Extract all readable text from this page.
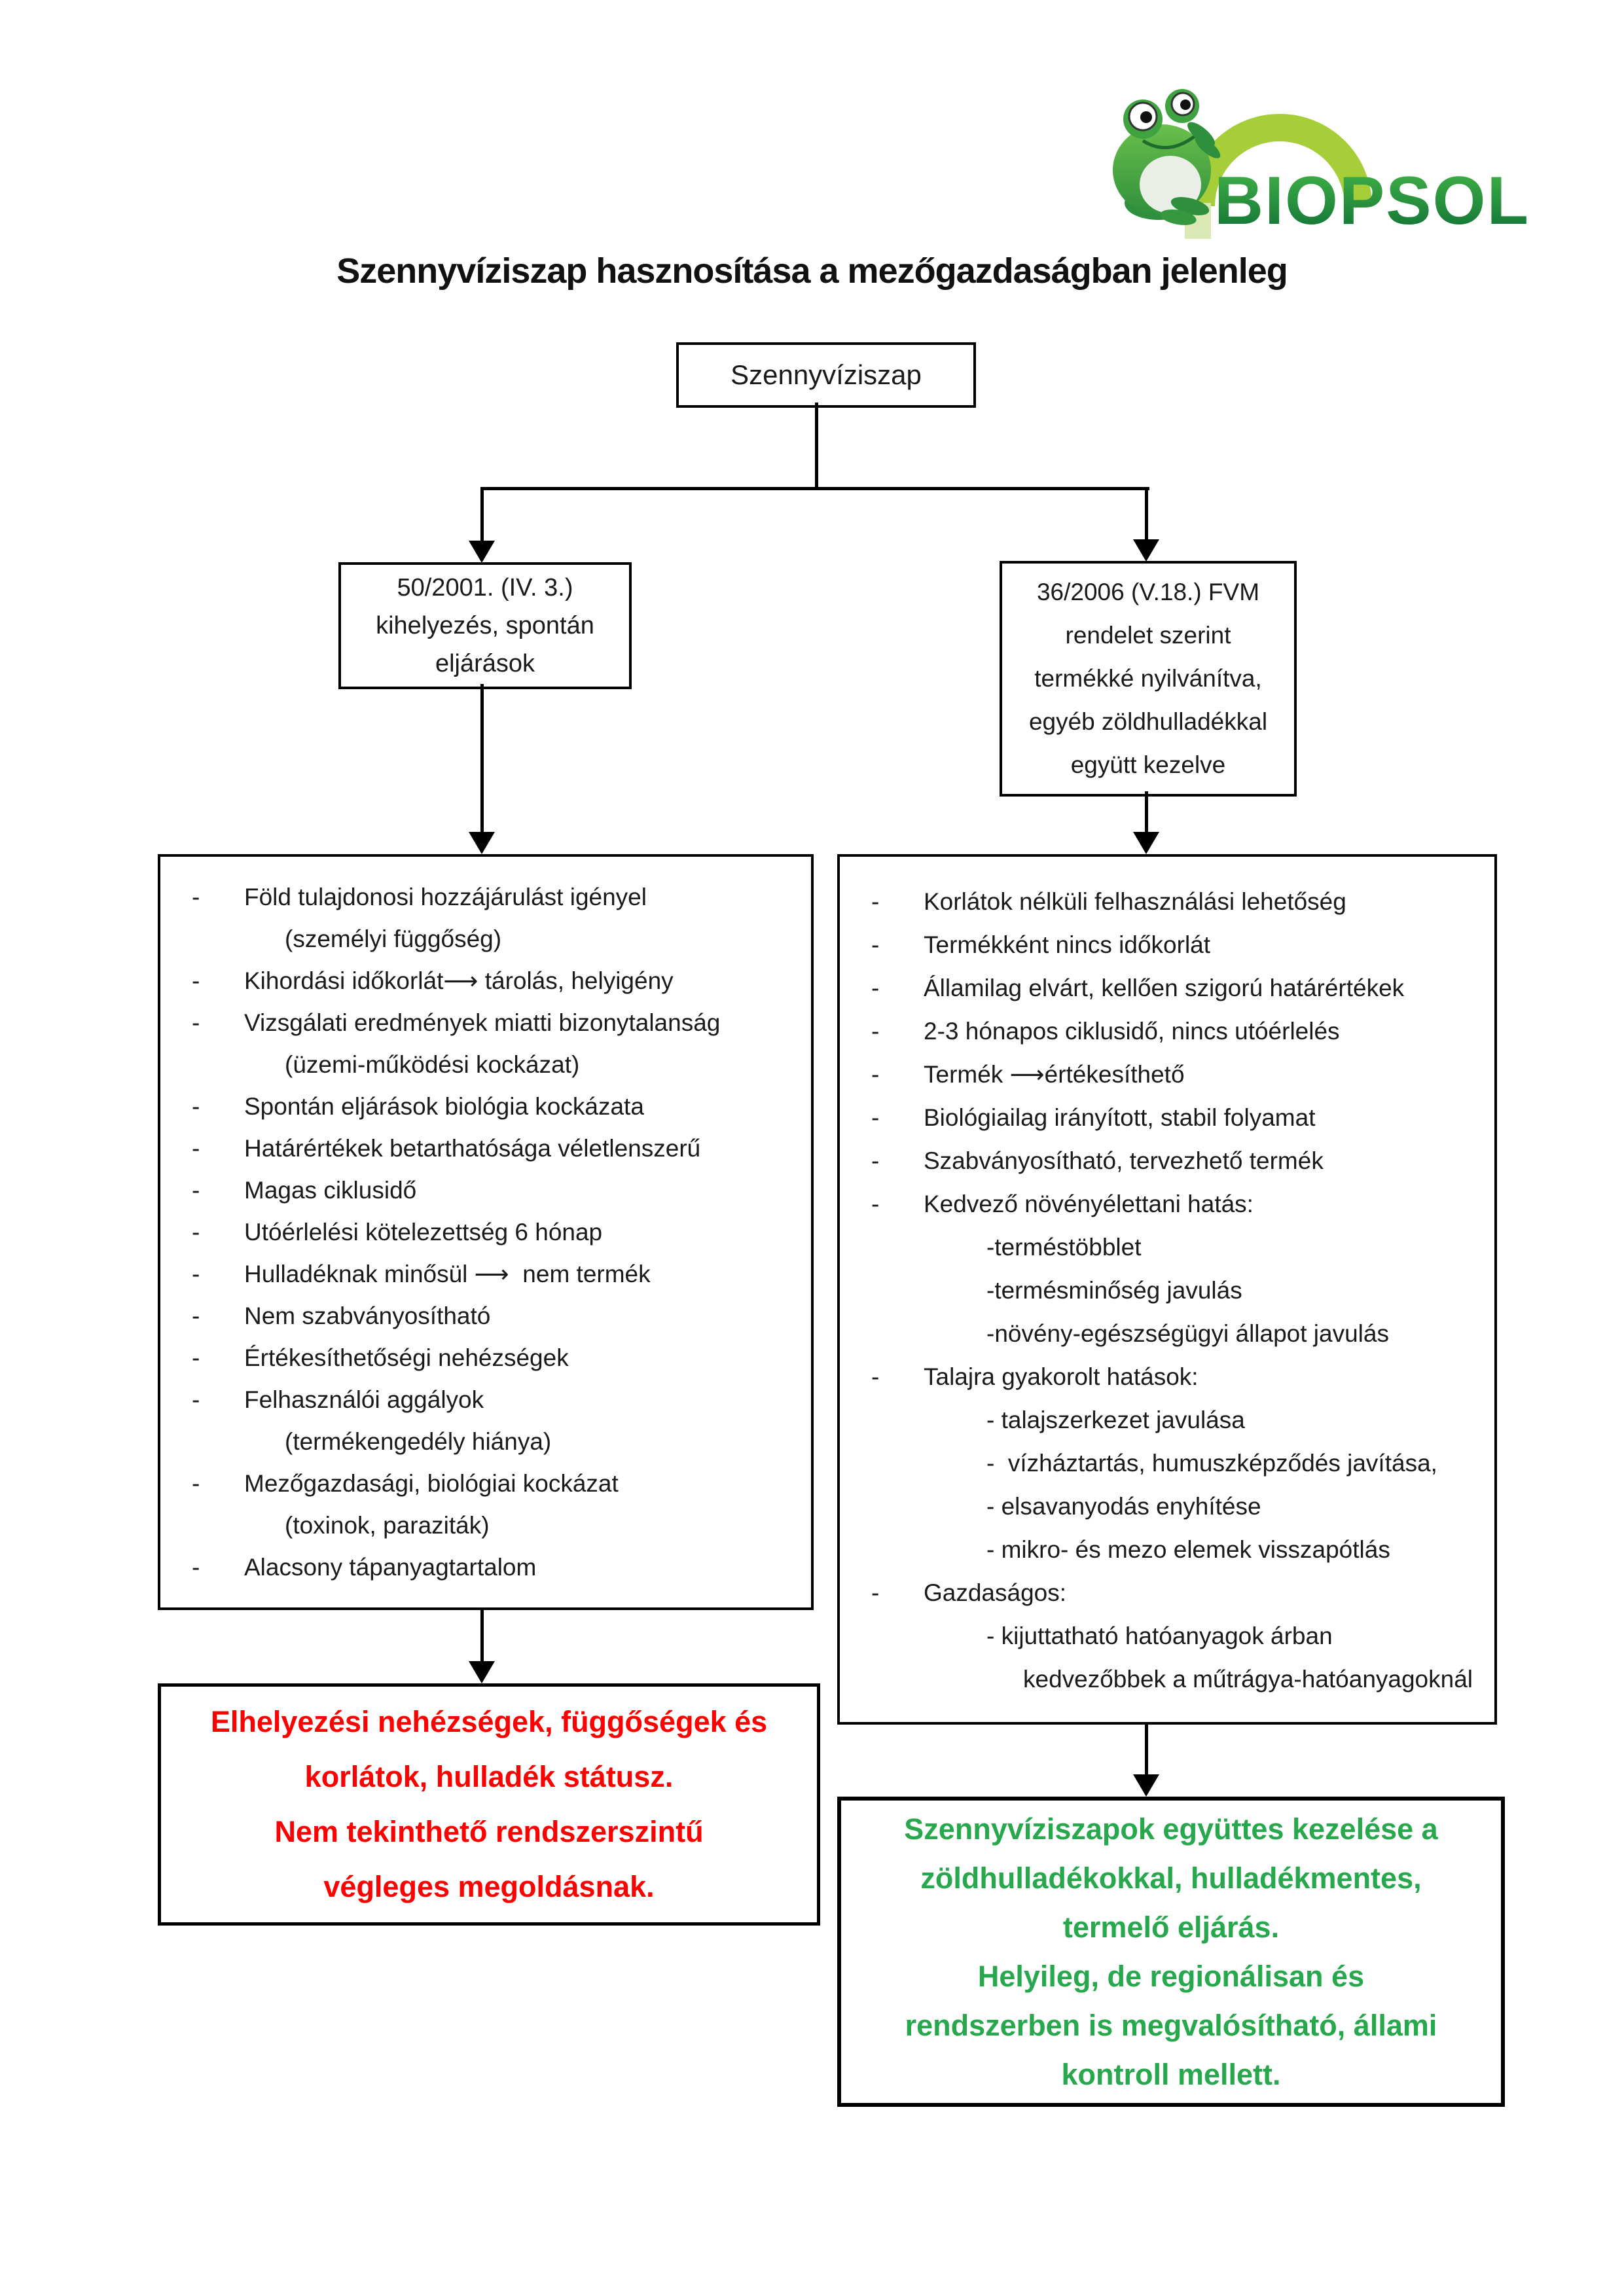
BIOPSOL
Szennyvíziszap hasznosítása a mezőgazdaságban jelenleg
Szennyvíziszap
50/2001. (IV. 3.)
kihelyezés, spontán
eljárások
36/2006 (V.18.) FVM
rendelet szerint
termékké nyilvánítva,
egyéb zöldhulladékkal
együtt kezelve
-	Föld tulajdonosi hozzájárulást igényel
(személyi függőség)
-	Kihordási időkorlát⟶ tárolás, helyigény
-	Vizsgálati eredmények miatti bizonytalanság
(üzemi-működési kockázat)
-	Spontán eljárások biológia kockázata
-	Határértékek betarthatósága véletlenszerű
-	Magas ciklusidő
-	Utóérlelési kötelezettség 6 hónap
-	Hulladéknak minősül ⟶  nem termék
-	Nem szabványosítható
-	Értékesíthetőségi nehézségek
-	Felhasználói aggályok
(termékengedély hiánya)
-	Mezőgazdasági, biológiai kockázat
(toxinok, paraziták)
-	Alacsony tápanyagtartalom
-	Korlátok nélküli felhasználási lehetőség
-	Termékként nincs időkorlát
-	Államilag elvárt, kellően szigorú határértékek
-	2-3 hónapos ciklusidő, nincs utóérlelés
-	Termék ⟶értékesíthető
-	Biológiailag irányított, stabil folyamat
-	Szabványosítható, tervezhető termék
-	Kedvező növényélettani hatás:
-terméstöbblet
-termésminőség javulás
-növény-egészségügyi állapot javulás
-	Talajra gyakorolt hatások:
- talajszerkezet javulása
-  vízháztartás, humuszképződés javítása,
- elsavanyodás enyhítése
- mikro- és mezo elemek visszapótlás
-	Gazdaságos:
- kijuttatható hatóanyagok árban
kedvezőbbek a műtrágya-hatóanyagoknál
Elhelyezési nehézségek, függőségek és
korlátok, hulladék státusz.
Nem tekinthető rendszerszintű
végleges megoldásnak.
Szennyvíziszapok együttes kezelése a
zöldhulladékokkal, hulladékmentes,
termelő eljárás.
Helyileg, de regionálisan és
rendszerben is megvalósítható, állami
kontroll mellett.
